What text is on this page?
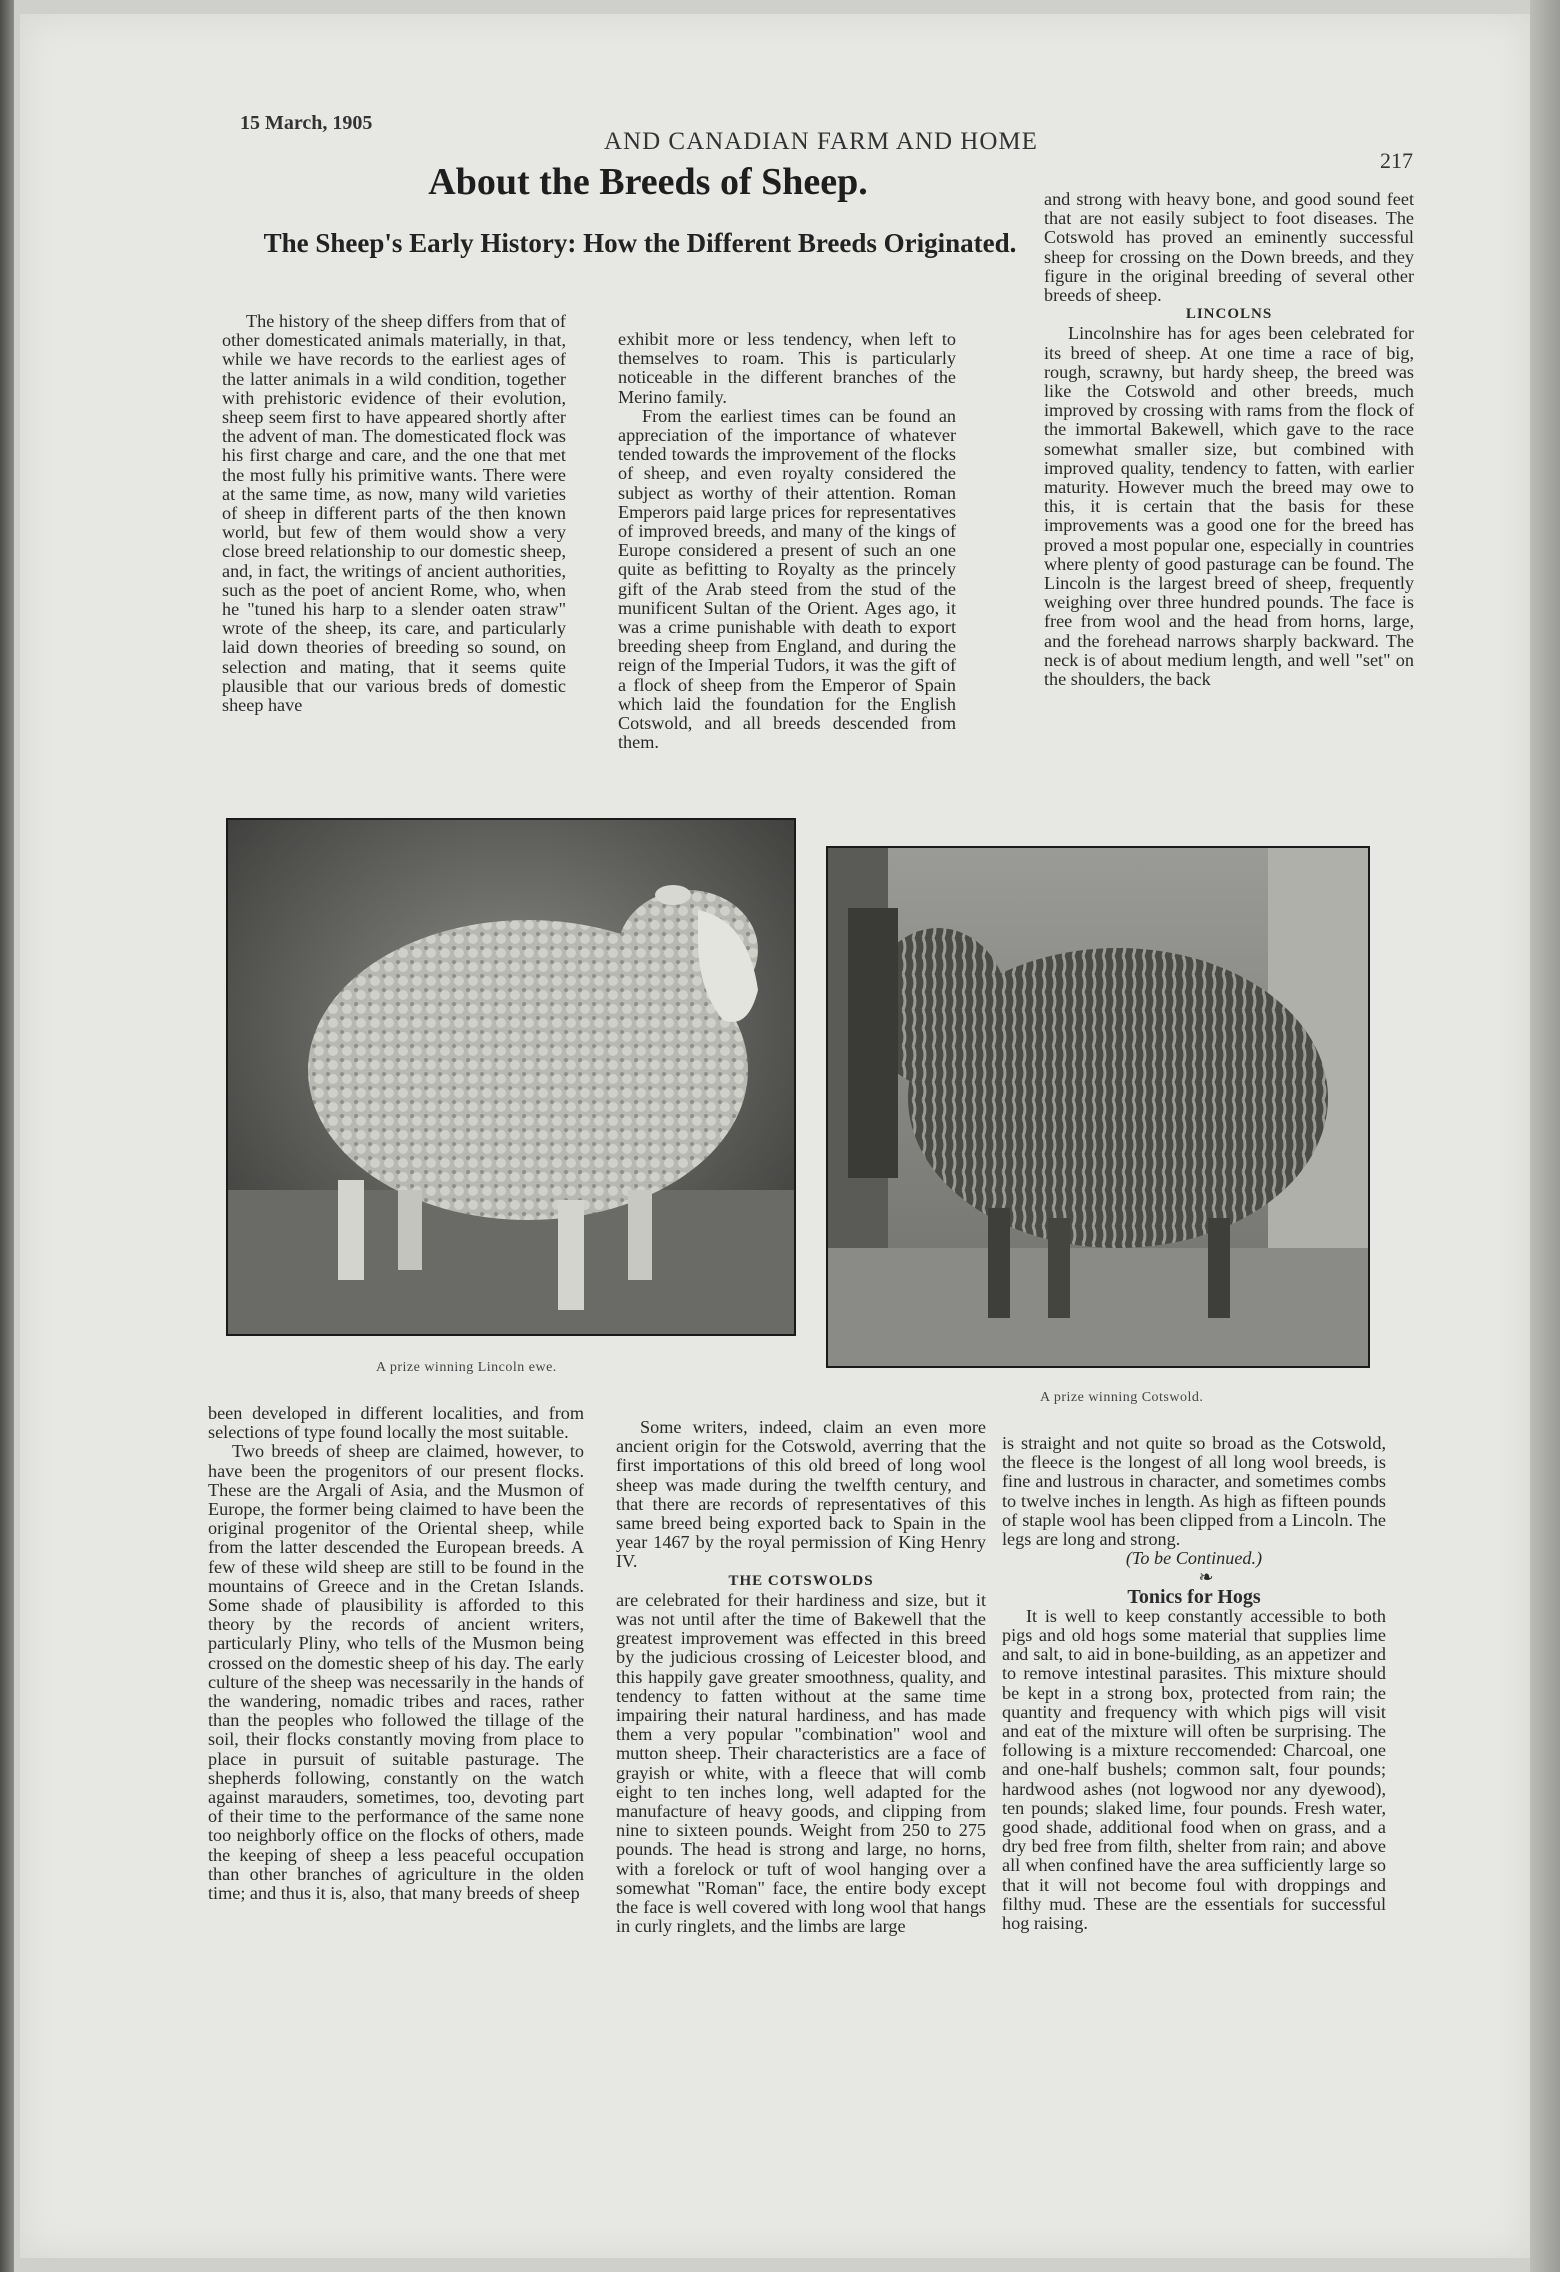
15 March, 1905
AND CANADIAN FARM AND HOME
217
About the Breeds of Sheep.
The Sheep's Early History: How the Different Breeds Originated.

The history of the sheep differs from that of other domesticated animals materially, in that, while we have records to the earliest ages of the latter animals in a wild condition, together with prehistoric evidence of their evolution, sheep seem first to have appeared shortly after the advent of man. The domesticated flock was his first charge and care, and the one that met the most fully his primitive wants. There were at the same time, as now, many wild varieties of sheep in different parts of the then known world, but few of them would show a very close breed relationship to our domestic sheep, and, in fact, the writings of ancient authorities, such as the poet of ancient Rome, who, when he "tuned his harp to a slender oaten straw" wrote of the sheep, its care, and particularly laid down theories of breeding so sound, on selection and mating, that it seems quite plausible that our various breds of domestic sheep have

exhibit more or less tendency, when left to themselves to roam. This is particularly noticeable in the different branches of the Merino family.

From the earliest times can be found an appreciation of the importance of whatever tended towards the improvement of the flocks of sheep, and even royalty considered the subject as worthy of their attention. Roman Emperors paid large prices for representatives of improved breeds, and many of the kings of Europe considered a present of such an one quite as befitting to Royalty as the princely gift of the Arab steed from the stud of the munificent Sultan of the Orient. Ages ago, it was a crime punishable with death to export breeding sheep from England, and during the reign of the Imperial Tudors, it was the gift of a flock of sheep from the Emperor of Spain which laid the foundation for the English Cotswold, and all breeds descended from them.

and strong with heavy bone, and good sound feet that are not easily subject to foot diseases. The Cotswold has proved an eminently successful sheep for crossing on the Down breeds, and they figure in the original breeding of several other breeds of sheep.

LINCOLNS

Lincolnshire has for ages been celebrated for its breed of sheep. At one time a race of big, rough, scrawny, but hardy sheep, the breed was like the Cotswold and other breeds, much improved by crossing with rams from the flock of the immortal Bakewell, which gave to the race somewhat smaller size, but combined with improved quality, tendency to fatten, with earlier maturity. However much the breed may owe to this, it is certain that the basis for these improvements was a good one for the breed has proved a most popular one, especially in countries where plenty of good pasturage can be found. The Lincoln is the largest breed of sheep, frequently weighing over three hundred pounds. The face is free from wool and the head from horns, large, and the forehead narrows sharply backward. The neck is of about medium length, and well "set" on the shoulders, the back

A prize winning Lincoln ewe.
A prize winning Cotswold.

been developed in different localities, and from selections of type found locally the most suitable.

Two breeds of sheep are claimed, however, to have been the progenitors of our present flocks. These are the Argali of Asia, and the Musmon of Europe, the former being claimed to have been the original progenitor of the Oriental sheep, while from the latter descended the European breeds. A few of these wild sheep are still to be found in the mountains of Greece and in the Cretan Islands. Some shade of plausibility is afforded to this theory by the records of ancient writers, particularly Pliny, who tells of the Musmon being crossed on the domestic sheep of his day. The early culture of the sheep was necessarily in the hands of the wandering, nomadic tribes and races, rather than the peoples who followed the tillage of the soil, their flocks constantly moving from place to place in pursuit of suitable pasturage. The shepherds following, constantly on the watch against marauders, sometimes, too, devoting part of their time to the performance of the same none too neighborly office on the flocks of others, made the keeping of sheep a less peaceful occupation than other branches of agriculture in the olden time; and thus it is, also, that many breeds of sheep

Some writers, indeed, claim an even more ancient origin for the Cotswold, averring that the first importations of this old breed of long wool sheep was made during the twelfth century, and that there are records of representatives of this same breed being exported back to Spain in the year 1467 by the royal permission of King Henry IV.

THE COTSWOLDS

are celebrated for their hardiness and size, but it was not until after the time of Bakewell that the greatest improvement was effected in this breed by the judicious crossing of Leicester blood, and this happily gave greater smoothness, quality, and tendency to fatten without at the same time impairing their natural hardiness, and has made them a very popular "combination" wool and mutton sheep. Their characteristics are a face of grayish or white, with a fleece that will comb eight to ten inches long, well adapted for the manufacture of heavy goods, and clipping from nine to sixteen pounds. Weight from 250 to 275 pounds. The head is strong and large, no horns, with a forelock or tuft of wool hanging over a somewhat "Roman" face, the entire body except the face is well covered with long wool that hangs in curly ringlets, and the limbs are large

is straight and not quite so broad as the Cotswold, the fleece is the longest of all long wool breeds, is fine and lustrous in character, and sometimes combs to twelve inches in length. As high as fifteen pounds of staple wool has been clipped from a Lincoln. The legs are long and strong.

(To be Continued.)

❧

Tonics for Hogs

It is well to keep constantly accessible to both pigs and old hogs some material that supplies lime and salt, to aid in bone-building, as an appetizer and to remove intestinal parasites. This mixture should be kept in a strong box, protected from rain; the quantity and frequency with which pigs will visit and eat of the mixture will often be surprising. The following is a mixture reccomended: Charcoal, one and one-half bushels; common salt, four pounds; hardwood ashes (not logwood nor any dyewood), ten pounds; slaked lime, four pounds. Fresh water, good shade, additional food when on grass, and a dry bed free from filth, shelter from rain; and above all when confined have the area sufficiently large so that it will not become foul with droppings and filthy mud. These are the essentials for successful hog raising.
